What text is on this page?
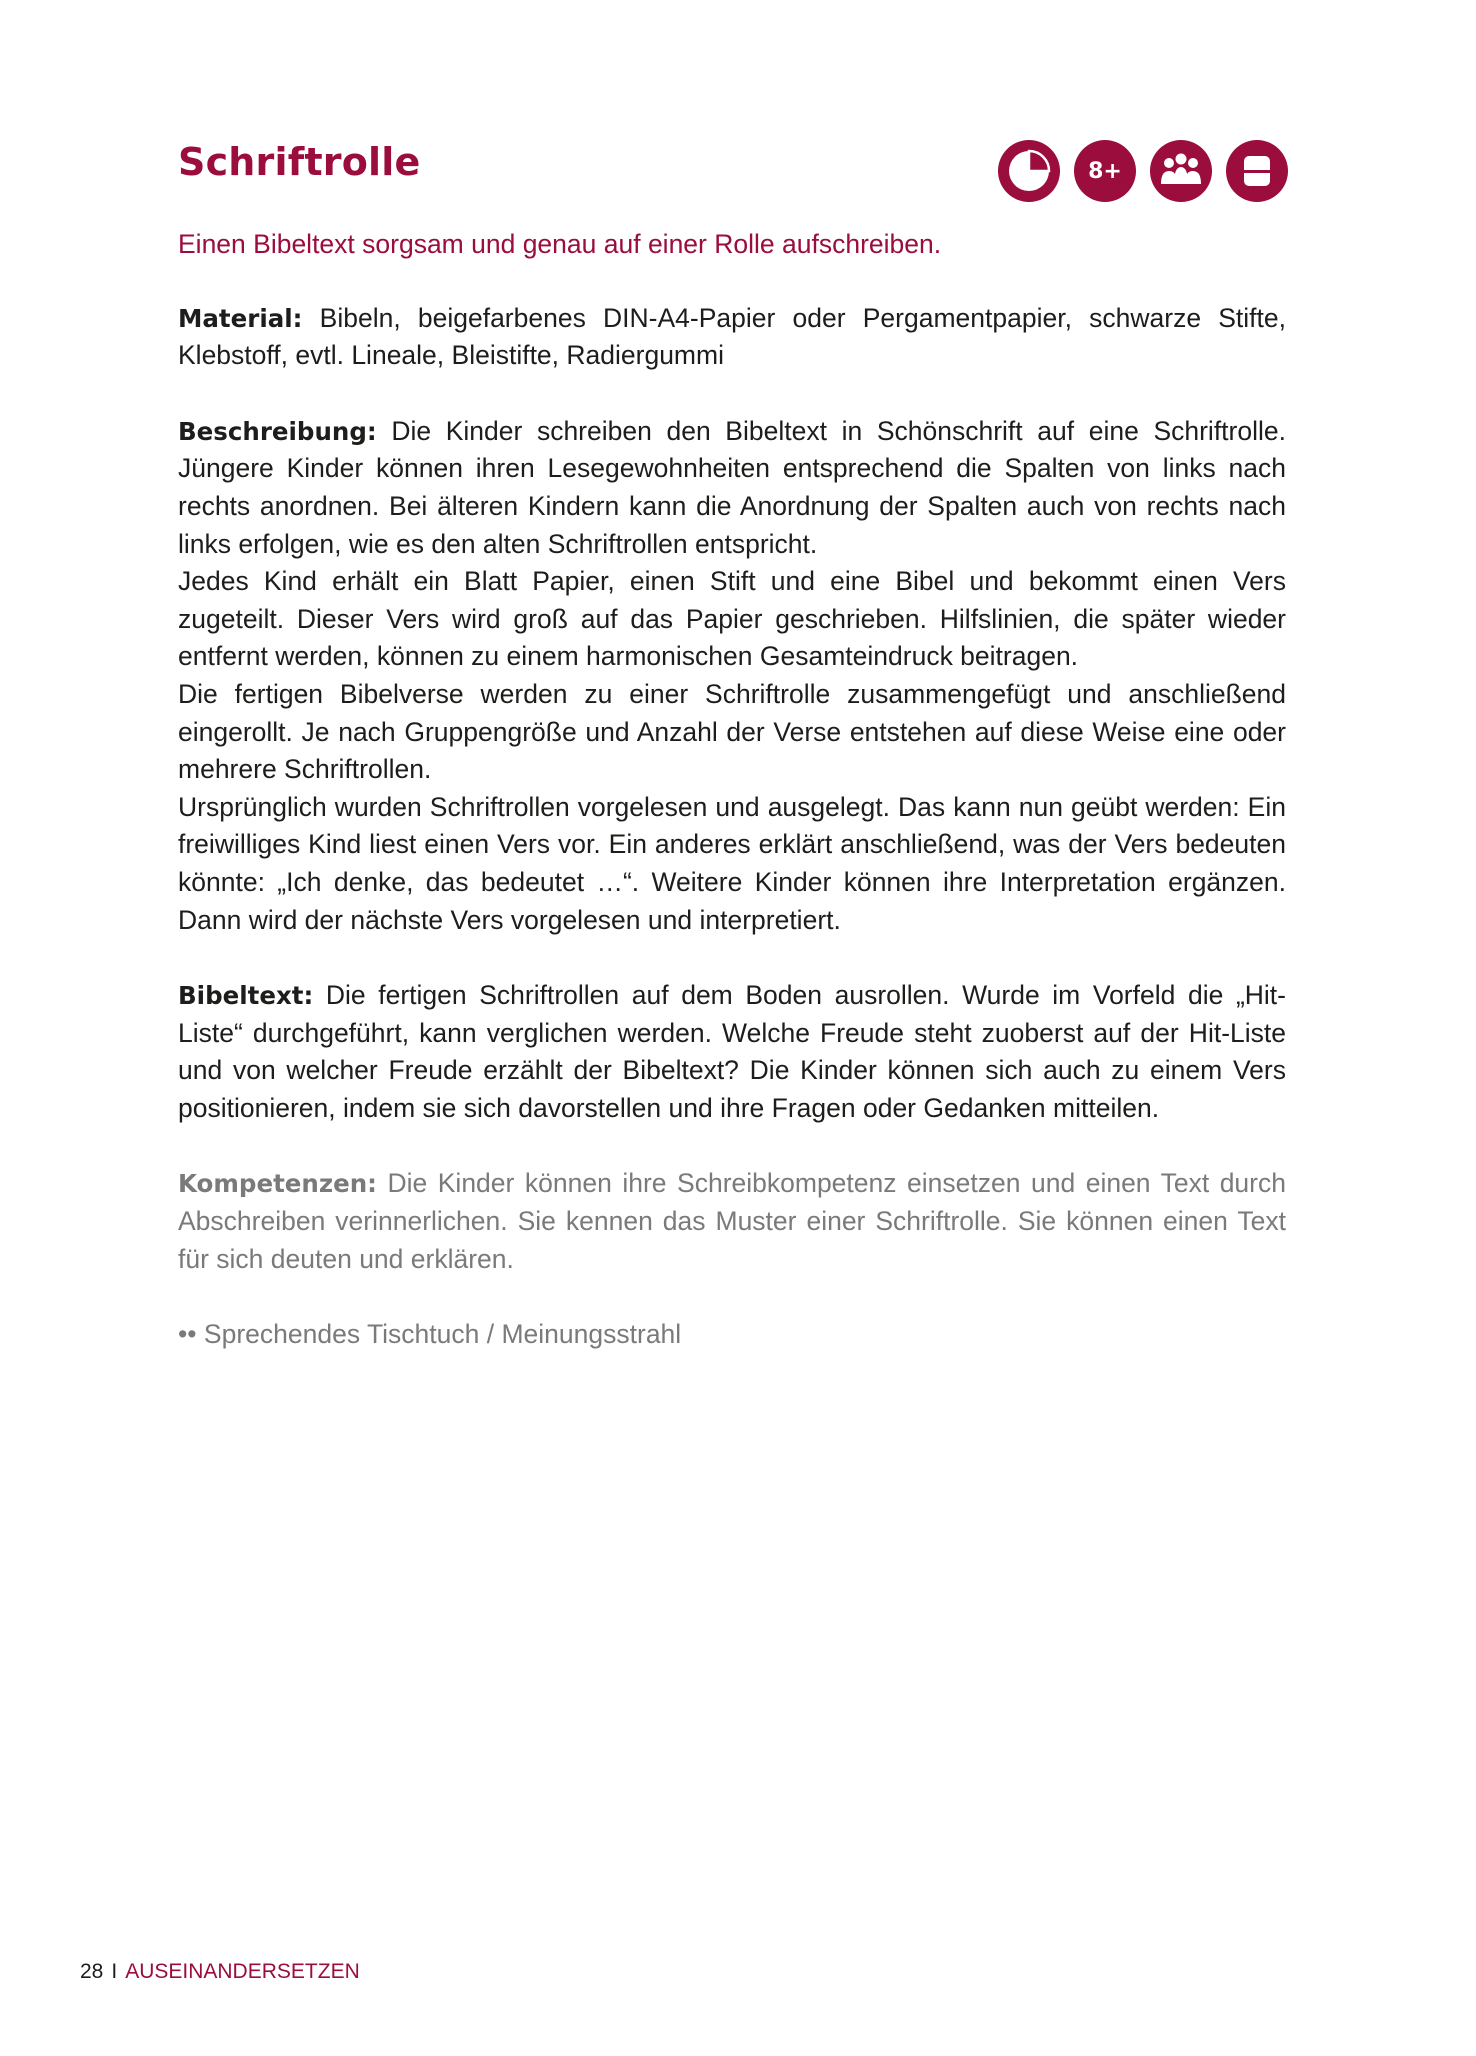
Schriftrolle	8+

Einen Bibeltext sorgsam und genau auf einer Rolle aufschreiben.

Material: Bibeln, beigefarbenes DIN-A4-Papier oder Pergamentpapier, schwarze Stifte, Klebstoff, evtl. Lineale, Bleistifte, Radiergummi

Beschreibung: Die Kinder schreiben den Bibeltext in Schönschrift auf eine Schriftrolle. Jüngere Kinder können ihren Lesegewohnheiten entsprechend die Spalten von links nach rechts anordnen. Bei älteren Kindern kann die Anordnung der Spalten auch von rechts nach links erfolgen, wie es den alten Schriftrollen entspricht.

Jedes Kind erhält ein Blatt Papier, einen Stift und eine Bibel und bekommt einen Vers zugeteilt. Dieser Vers wird groß auf das Papier geschrieben. Hilfslinien, die später wieder entfernt werden, können zu einem harmonischen Gesamteindruck beitragen.

Die fertigen Bibelverse werden zu einer Schriftrolle zusammengefügt und anschließend eingerollt. Je nach Gruppengröße und Anzahl der Verse entstehen auf diese Weise eine oder mehrere Schriftrollen.

Ursprünglich wurden Schriftrollen vorgelesen und ausgelegt. Das kann nun geübt werden: Ein freiwilliges Kind liest einen Vers vor. Ein anderes erklärt anschließend, was der Vers bedeuten könnte: „Ich denke, das bedeutet …“. Weitere Kinder können ihre Interpretation ergänzen. Dann wird der nächste Vers vorgelesen und interpretiert.

Bibeltext: Die fertigen Schriftrollen auf dem Boden ausrollen. Wurde im Vorfeld die „Hit-Liste“ durchgeführt, kann verglichen werden. Welche Freude steht zuoberst auf der Hit-Liste und von welcher Freude erzählt der Bibeltext? Die Kinder können sich auch zu einem Vers positionieren, indem sie sich davorstellen und ihre Fragen oder Gedanken mitteilen.

Kompetenzen: Die Kinder können ihre Schreibkompetenz einsetzen und einen Text durch Abschreiben verinnerlichen. Sie kennen das Muster einer Schriftrolle. Sie können einen Text für sich deuten und erklären.

•• Sprechendes Tischtuch / Meinungsstrahl

28 I AUSEINANDERSETZEN
